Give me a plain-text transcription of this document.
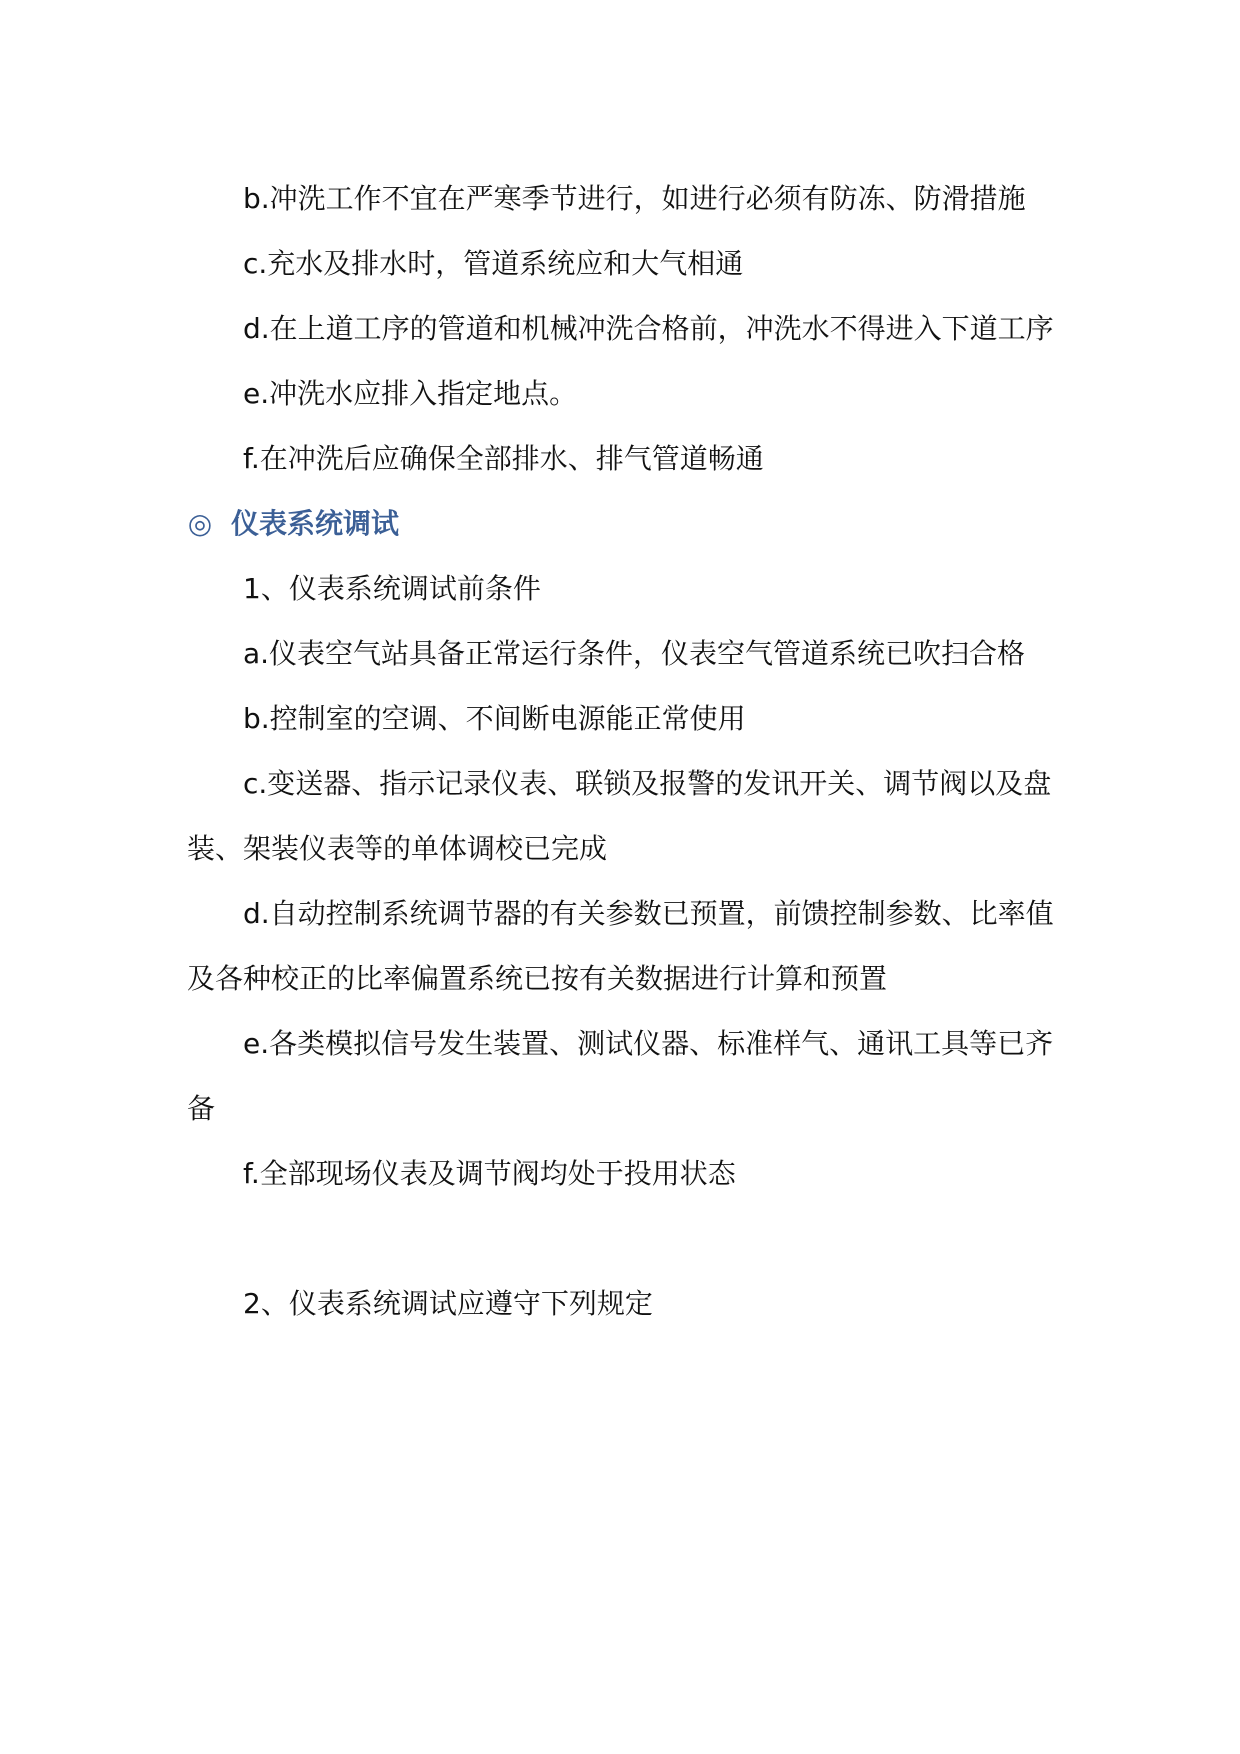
b.冲洗工作不宜在严寒季节进行，如进行必须有防冻、防滑措施

c.充水及排水时，管道系统应和大气相通

d.在上道工序的管道和机械冲洗合格前，冲洗水不得进入下道工序

e.冲洗水应排入指定地点。

f.在冲洗后应确保全部排水、排气管道畅通

◎ 仪表系统调试

1、仪表系统调试前条件

a.仪表空气站具备正常运行条件，仪表空气管道系统已吹扫合格

b.控制室的空调、不间断电源能正常使用

c.变送器、指示记录仪表、联锁及报警的发讯开关、调节阀以及盘装、架装仪表等的单体调校已完成

d.自动控制系统调节器的有关参数已预置，前馈控制参数、比率值及各种校正的比率偏置系统已按有关数据进行计算和预置

e.各类模拟信号发生装置、测试仪器、标准样气、通讯工具等已齐备

f.全部现场仪表及调节阀均处于投用状态

2、仪表系统调试应遵守下列规定
